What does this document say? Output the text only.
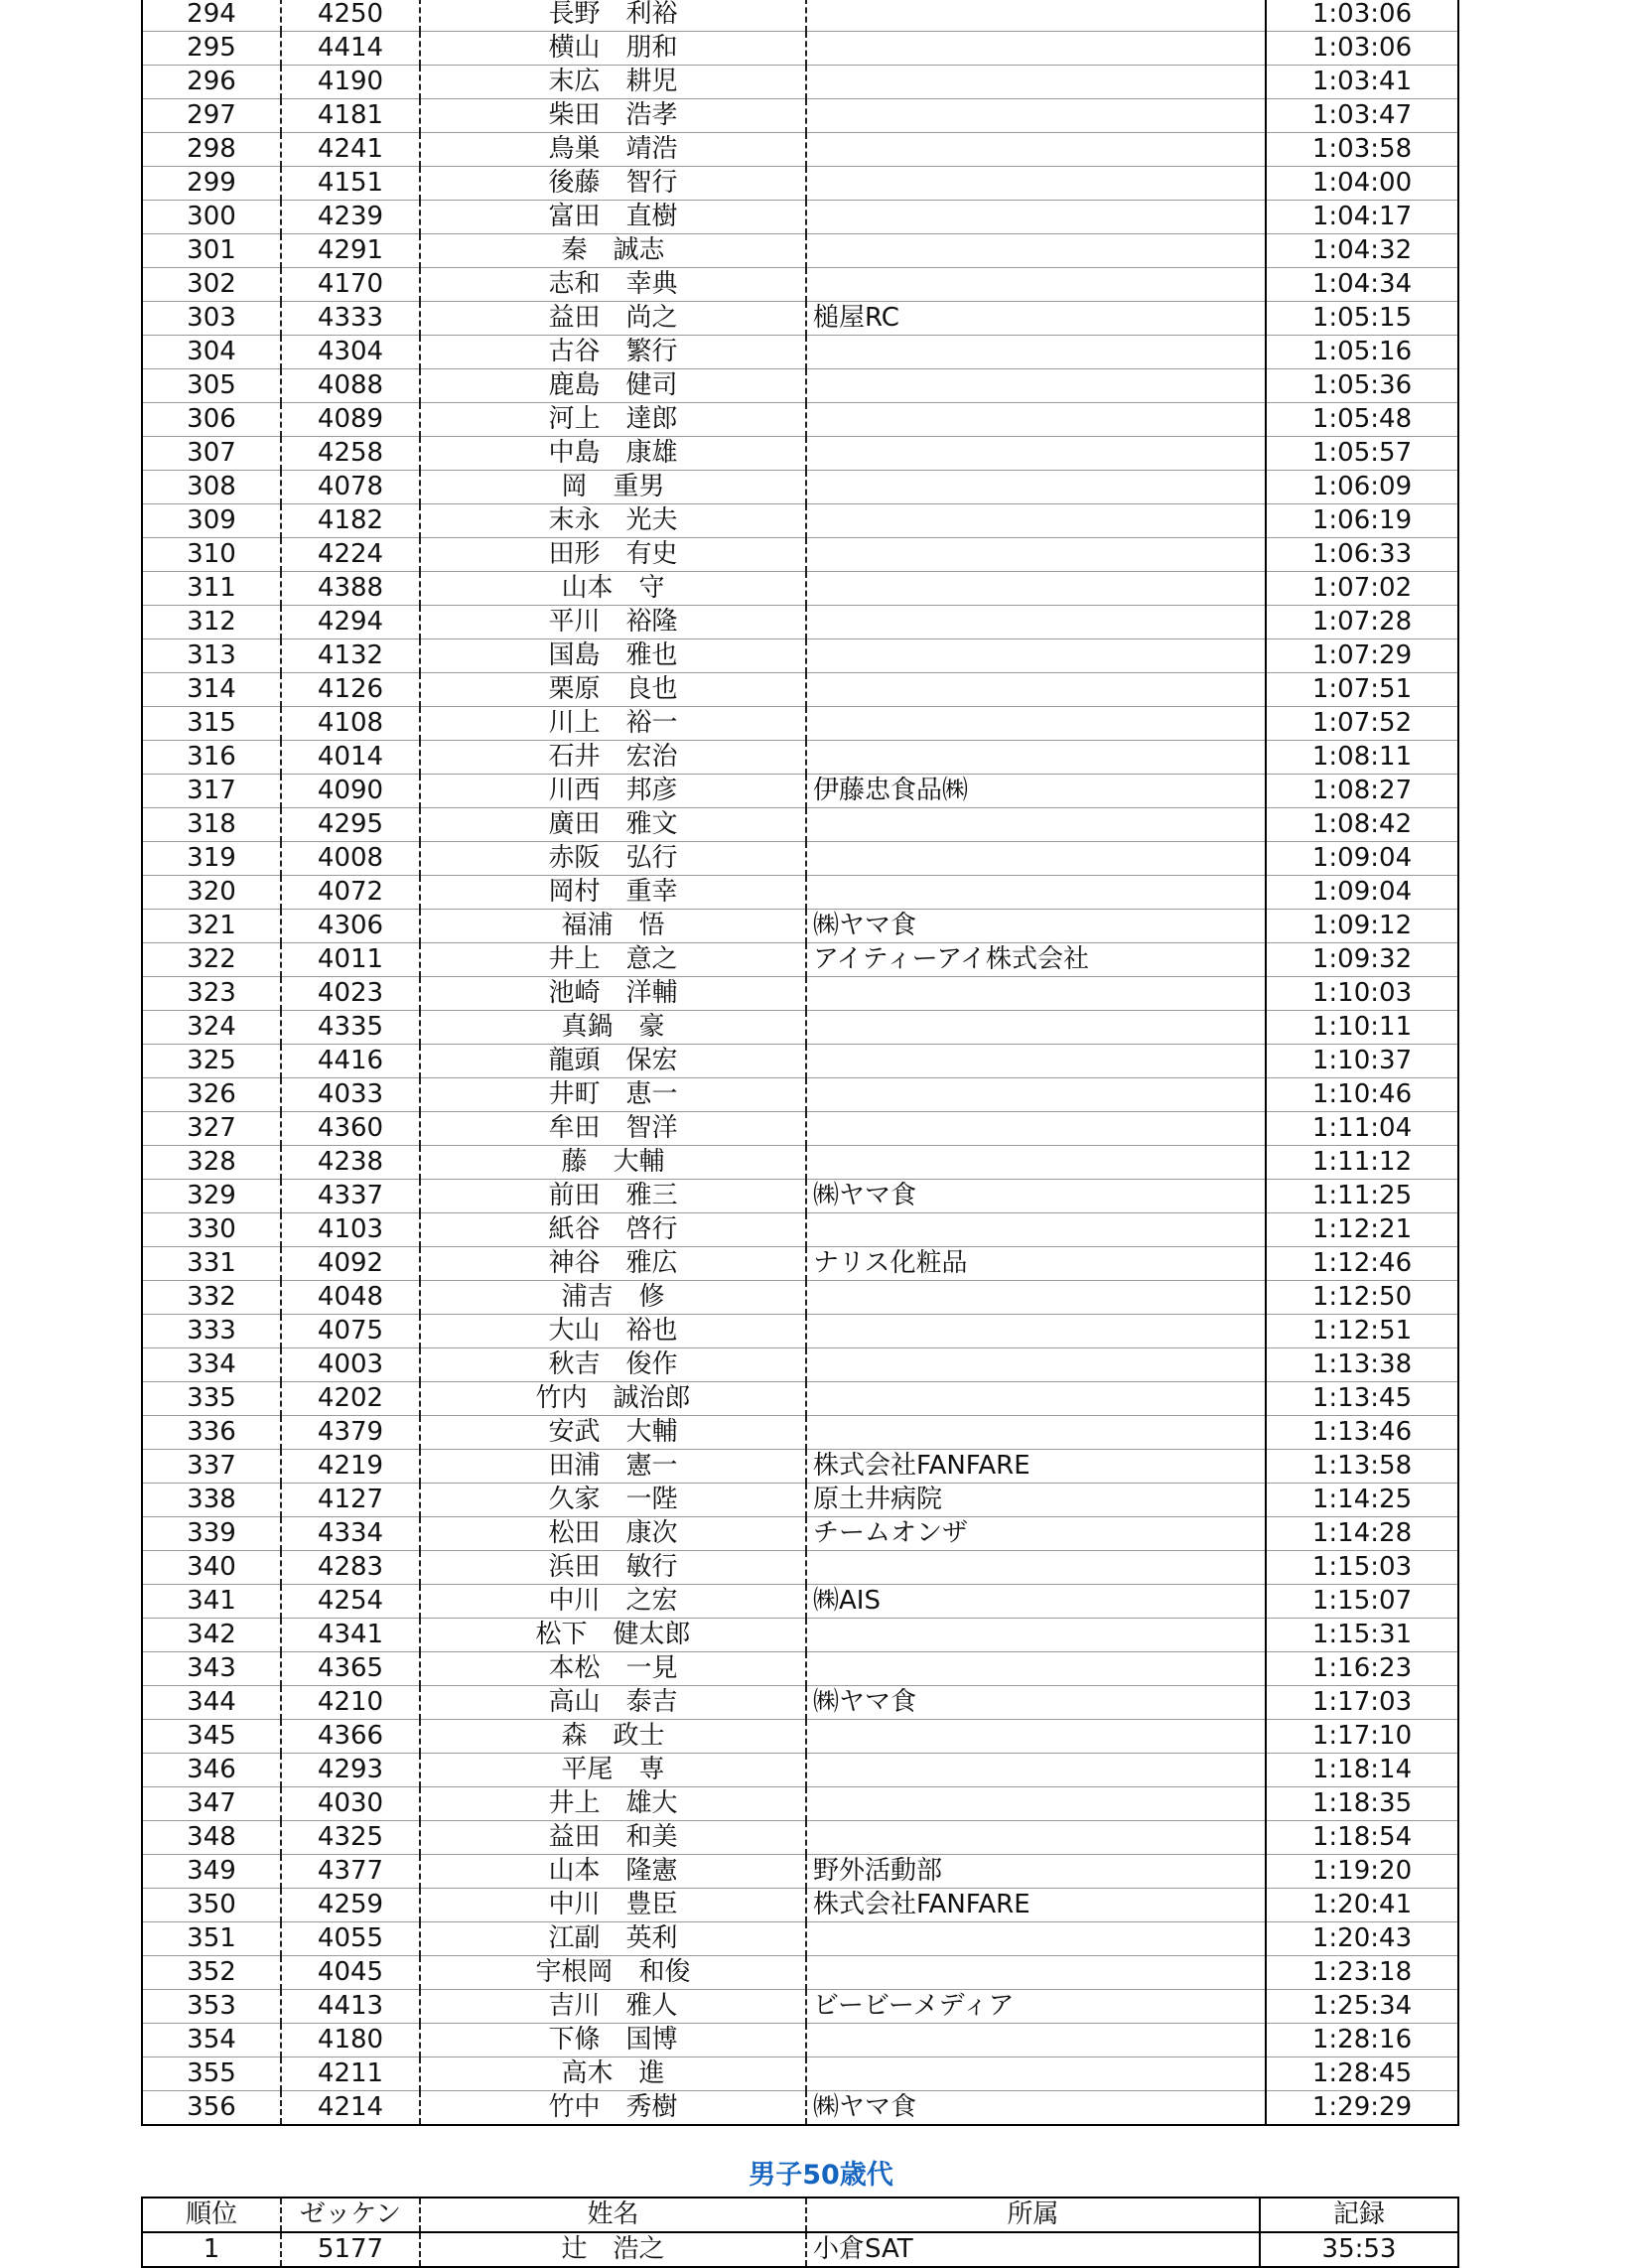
294	4250	長野　利裕		1:03:06
295	4414	横山　朋和		1:03:06
296	4190	末広　耕児		1:03:41
297	4181	柴田　浩孝		1:03:47
298	4241	鳥巣　靖浩		1:03:58
299	4151	後藤　智行		1:04:00
300	4239	富田　直樹		1:04:17
301	4291	秦　誠志		1:04:32
302	4170	志和　幸典		1:04:34
303	4333	益田　尚之	槌屋RC	1:05:15
304	4304	古谷　繁行		1:05:16
305	4088	鹿島　健司		1:05:36
306	4089	河上　達郎		1:05:48
307	4258	中島　康雄		1:05:57
308	4078	岡　重男		1:06:09
309	4182	末永　光夫		1:06:19
310	4224	田形　有史		1:06:33
311	4388	山本　守		1:07:02
312	4294	平川　裕隆		1:07:28
313	4132	国島　雅也		1:07:29
314	4126	栗原　良也		1:07:51
315	4108	川上　裕一		1:07:52
316	4014	石井　宏治		1:08:11
317	4090	川西　邦彦	伊藤忠食品㈱	1:08:27
318	4295	廣田　雅文		1:08:42
319	4008	赤阪　弘行		1:09:04
320	4072	岡村　重幸		1:09:04
321	4306	福浦　悟	㈱ヤマ食	1:09:12
322	4011	井上　意之	アイティーアイ株式会社	1:09:32
323	4023	池崎　洋輔		1:10:03
324	4335	真鍋　豪		1:10:11
325	4416	龍頭　保宏		1:10:37
326	4033	井町　恵一		1:10:46
327	4360	牟田　智洋		1:11:04
328	4238	藤　大輔		1:11:12
329	4337	前田　雅三	㈱ヤマ食	1:11:25
330	4103	紙谷　啓行		1:12:21
331	4092	神谷　雅広	ナリス化粧品	1:12:46
332	4048	浦吉　修		1:12:50
333	4075	大山　裕也		1:12:51
334	4003	秋吉　俊作		1:13:38
335	4202	竹内　誠治郎		1:13:45
336	4379	安武　大輔		1:13:46
337	4219	田浦　憲一	株式会社FANFARE	1:13:58
338	4127	久家　一陛	原土井病院	1:14:25
339	4334	松田　康次	チームオンザ	1:14:28
340	4283	浜田　敏行		1:15:03
341	4254	中川　之宏	㈱AIS	1:15:07
342	4341	松下　健太郎		1:15:31
343	4365	本松　一見		1:16:23
344	4210	高山　泰吉	㈱ヤマ食	1:17:03
345	4366	森　政士		1:17:10
346	4293	平尾　専		1:18:14
347	4030	井上　雄大		1:18:35
348	4325	益田　和美		1:18:54
349	4377	山本　隆憲	野外活動部	1:19:20
350	4259	中川　豊臣	株式会社FANFARE	1:20:41
351	4055	江副　英利		1:20:43
352	4045	宇根岡　和俊		1:23:18
353	4413	吉川　雅人	ビービーメディア	1:25:34
354	4180	下條　国博		1:28:16
355	4211	高木　進		1:28:45
356	4214	竹中　秀樹	㈱ヤマ食	1:29:29
男子50歳代
順位	ゼッケン	姓名	所属	記録
1	5177	辻　浩之	小倉SAT	35:53
